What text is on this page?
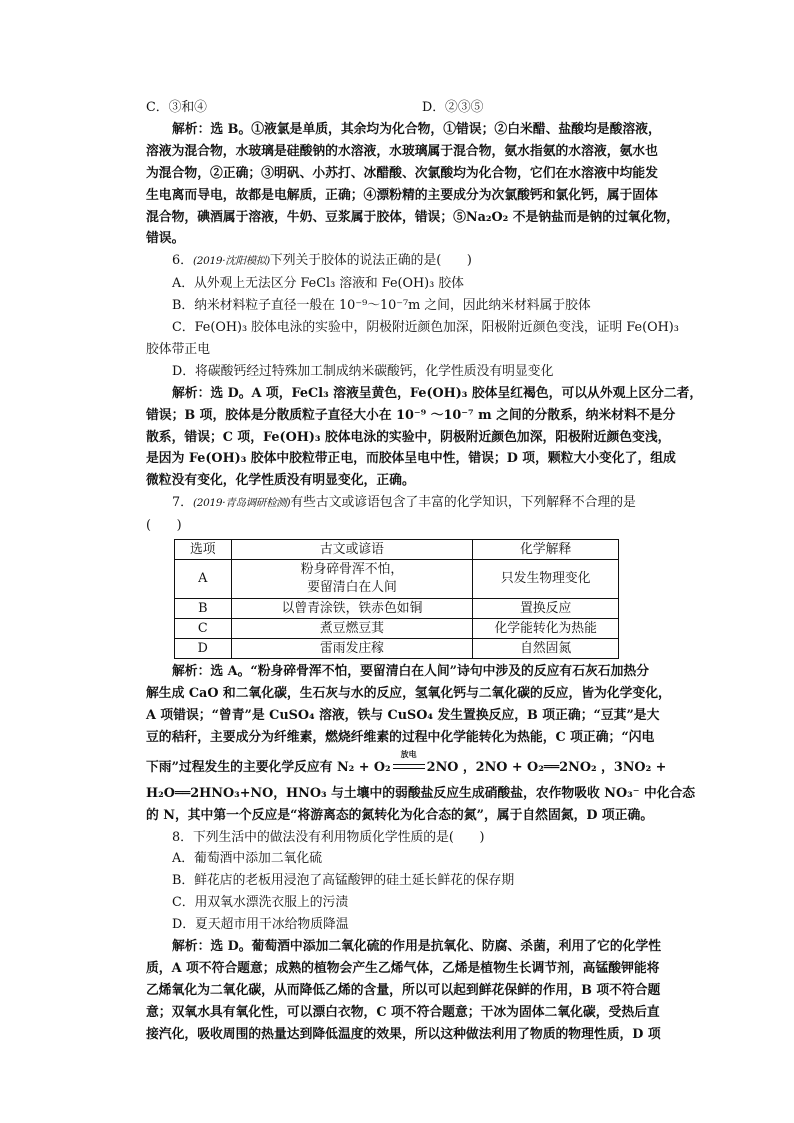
C．③和④	D．②③⑤
解析：选 B。①液氯是单质，其余均为化合物，①错误；②白米醋、盐酸均是酸溶液，
溶液为混合物，水玻璃是硅酸钠的水溶液，水玻璃属于混合物，氨水指氨的水溶液，氨水也
为混合物，②正确；③明矾、小苏打、冰醋酸、次氯酸均为化合物，它们在水溶液中均能发
生电离而导电，故都是电解质，正确；④漂粉精的主要成分为次氯酸钙和氯化钙，属于固体
混合物，碘酒属于溶液，牛奶、豆浆属于胶体，错误；⑤Na₂O₂ 不是钠盐而是钠的过氧化物，
错误。
6．(2019·沈阳模拟)下列关于胶体的说法正确的是(　　)
A．从外观上无法区分 FeCl₃ 溶液和 Fe(OH)₃ 胶体
B．纳米材料粒子直径一般在 10⁻⁹～10⁻⁷m 之间，因此纳米材料属于胶体
C．Fe(OH)₃ 胶体电泳的实验中，阴极附近颜色加深，阳极附近颜色变浅，证明 Fe(OH)₃
胶体带正电
D．将碳酸钙经过特殊加工制成纳米碳酸钙，化学性质没有明显变化
解析：选 D。A 项，FeCl₃ 溶液呈黄色，Fe(OH)₃ 胶体呈红褐色，可以从外观上区分二者，
错误；B 项，胶体是分散质粒子直径大小在 10⁻⁹ ～10⁻⁷ m 之间的分散系，纳米材料不是分
散系，错误；C 项，Fe(OH)₃ 胶体电泳的实验中，阴极附近颜色加深，阳极附近颜色变浅，
是因为 Fe(OH)₃ 胶体中胶粒带正电，而胶体呈电中性，错误；D 项，颗粒大小变化了，组成
微粒没有变化，化学性质没有明显变化，正确。
7．(2019·青岛调研检测)有些古文或谚语包含了丰富的化学知识，下列解释不合理的是
(　　)
选项	古文或谚语	化学解释
A	粉身碎骨浑不怕，
要留清白在人间	只发生物理变化
B	以曾青涂铁，铁赤色如铜	置换反应
C	煮豆燃豆萁	化学能转化为热能
D	雷雨发庄稼	自然固氮
解析：选 A。“粉身碎骨浑不怕，要留清白在人间”诗句中涉及的反应有石灰石加热分
解生成 CaO 和二氧化碳，生石灰与水的反应，氢氧化钙与二氧化碳的反应，皆为化学变化，
A 项错误；“曾青”是 CuSO₄ 溶液，铁与 CuSO₄ 发生置换反应，B 项正确；“豆萁”是大
豆的秸秆，主要成分为纤维素，燃烧纤维素的过程中化学能转化为热能，C 项正确；“闪电
下雨”过程发生的主要化学反应有 N₂ + O₂
放电
2NO ，2NO + O₂══2NO₂ ，3NO₂ +
H₂O══2HNO₃+NO，HNO₃ 与土壤中的弱酸盐反应生成硝酸盐，农作物吸收 NO₃⁻ 中化合态
的 N，其中第一个反应是“将游离态的氮转化为化合态的氮”，属于自然固氮，D 项正确。
8．下列生活中的做法没有利用物质化学性质的是(　　)
A．葡萄酒中添加二氧化硫
B．鲜花店的老板用浸泡了高锰酸钾的硅土延长鲜花的保存期
C．用双氧水漂洗衣服上的污渍
D．夏天超市用干冰给物质降温
解析：选 D。葡萄酒中添加二氧化硫的作用是抗氧化、防腐、杀菌，利用了它的化学性
质，A 项不符合题意；成熟的植物会产生乙烯气体，乙烯是植物生长调节剂，高锰酸钾能将
乙烯氧化为二氧化碳，从而降低乙烯的含量，所以可以起到鲜花保鲜的作用，B 项不符合题
意；双氧水具有氧化性，可以漂白衣物，C 项不符合题意；干冰为固体二氧化碳，受热后直
接汽化，吸收周围的热量达到降低温度的效果，所以这种做法利用了物质的物理性质，D 项
